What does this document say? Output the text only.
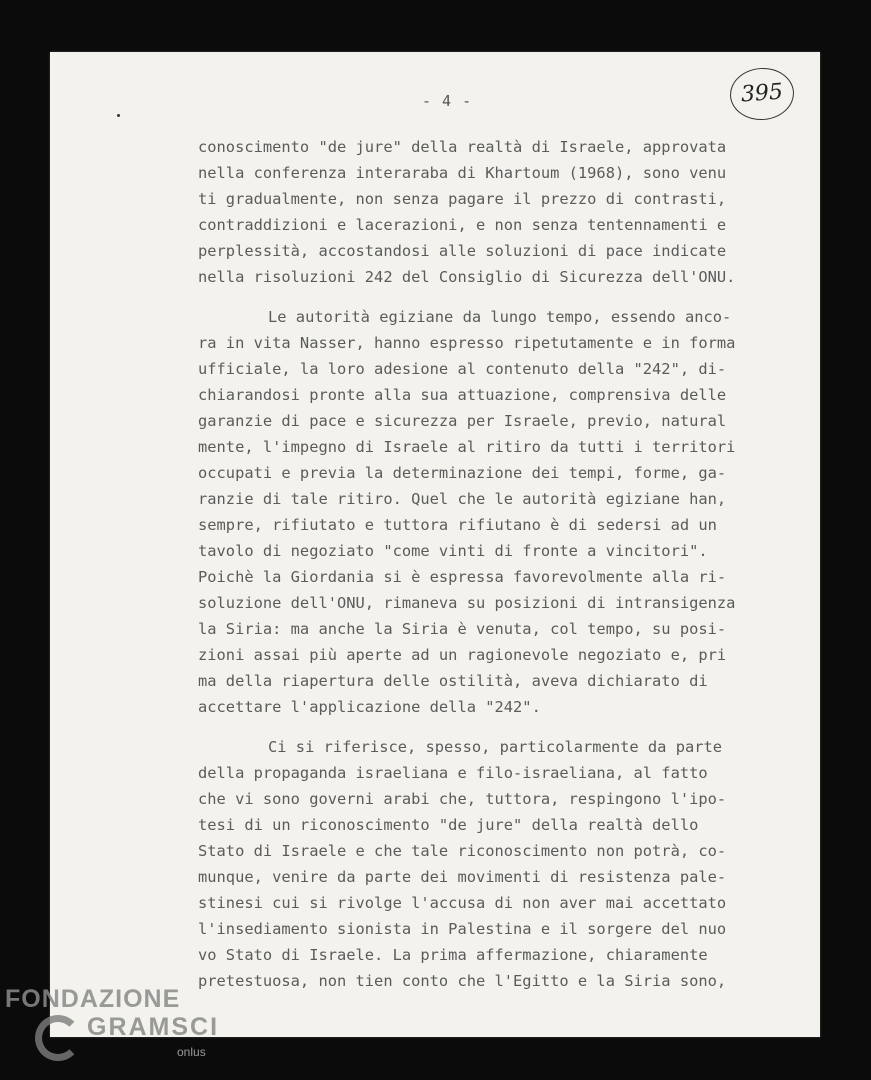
- 4 -	395
conoscimento "de jure" della realtà di Israele, approvata
nella conferenza interaraba di Khartoum (1968), sono venu
ti gradualmente, non senza pagare il prezzo di contrasti,
contraddizioni e lacerazioni, e non senza tentennamenti e
perplessità, accostandosi alle soluzioni di pace indicate
nella risoluzioni 242 del Consiglio di Sicurezza dell'ONU.
Le autorità egiziane da lungo tempo, essendo anco-
ra in vita Nasser, hanno espresso ripetutamente e in forma
ufficiale, la loro adesione al contenuto della "242", di-
chiarandosi pronte alla sua attuazione, comprensiva delle
garanzie di pace e sicurezza per Israele, previo, natural
mente, l'impegno di Israele al ritiro da tutti i territori
occupati e previa la determinazione dei tempi, forme, ga-
ranzie di tale ritiro. Quel che le autorità egiziane han,
sempre, rifiutato e tuttora rifiutano è di sedersi ad un
tavolo di negoziato "come vinti di fronte a vincitori".
Poichè la Giordania si è espressa favorevolmente alla ri-
soluzione dell'ONU, rimaneva su posizioni di intransigenza
la Siria: ma anche la Siria è venuta, col tempo, su posi-
zioni assai più aperte ad un ragionevole negoziato e, pri
ma della riapertura delle ostilità, aveva dichiarato di
accettare l'applicazione della "242".
Ci si riferisce, spesso, particolarmente da parte
della propaganda israeliana e filo-israeliana, al fatto
che vi sono governi arabi che, tuttora, respingono l'ipo-
tesi di un riconoscimento "de jure" della realtà dello
Stato di Israele e che tale riconoscimento non potrà, co-
munque, venire da parte dei movimenti di resistenza pale-
stinesi cui si rivolge l'accusa di non aver mai accettato
l'insediamento sionista in Palestina e il sorgere del nuo
vo Stato di Israele. La prima affermazione, chiaramente
pretestuosa, non tien conto che l'Egitto e la Siria sono,
FONDAZIONE
GRAMSCI
onlus
